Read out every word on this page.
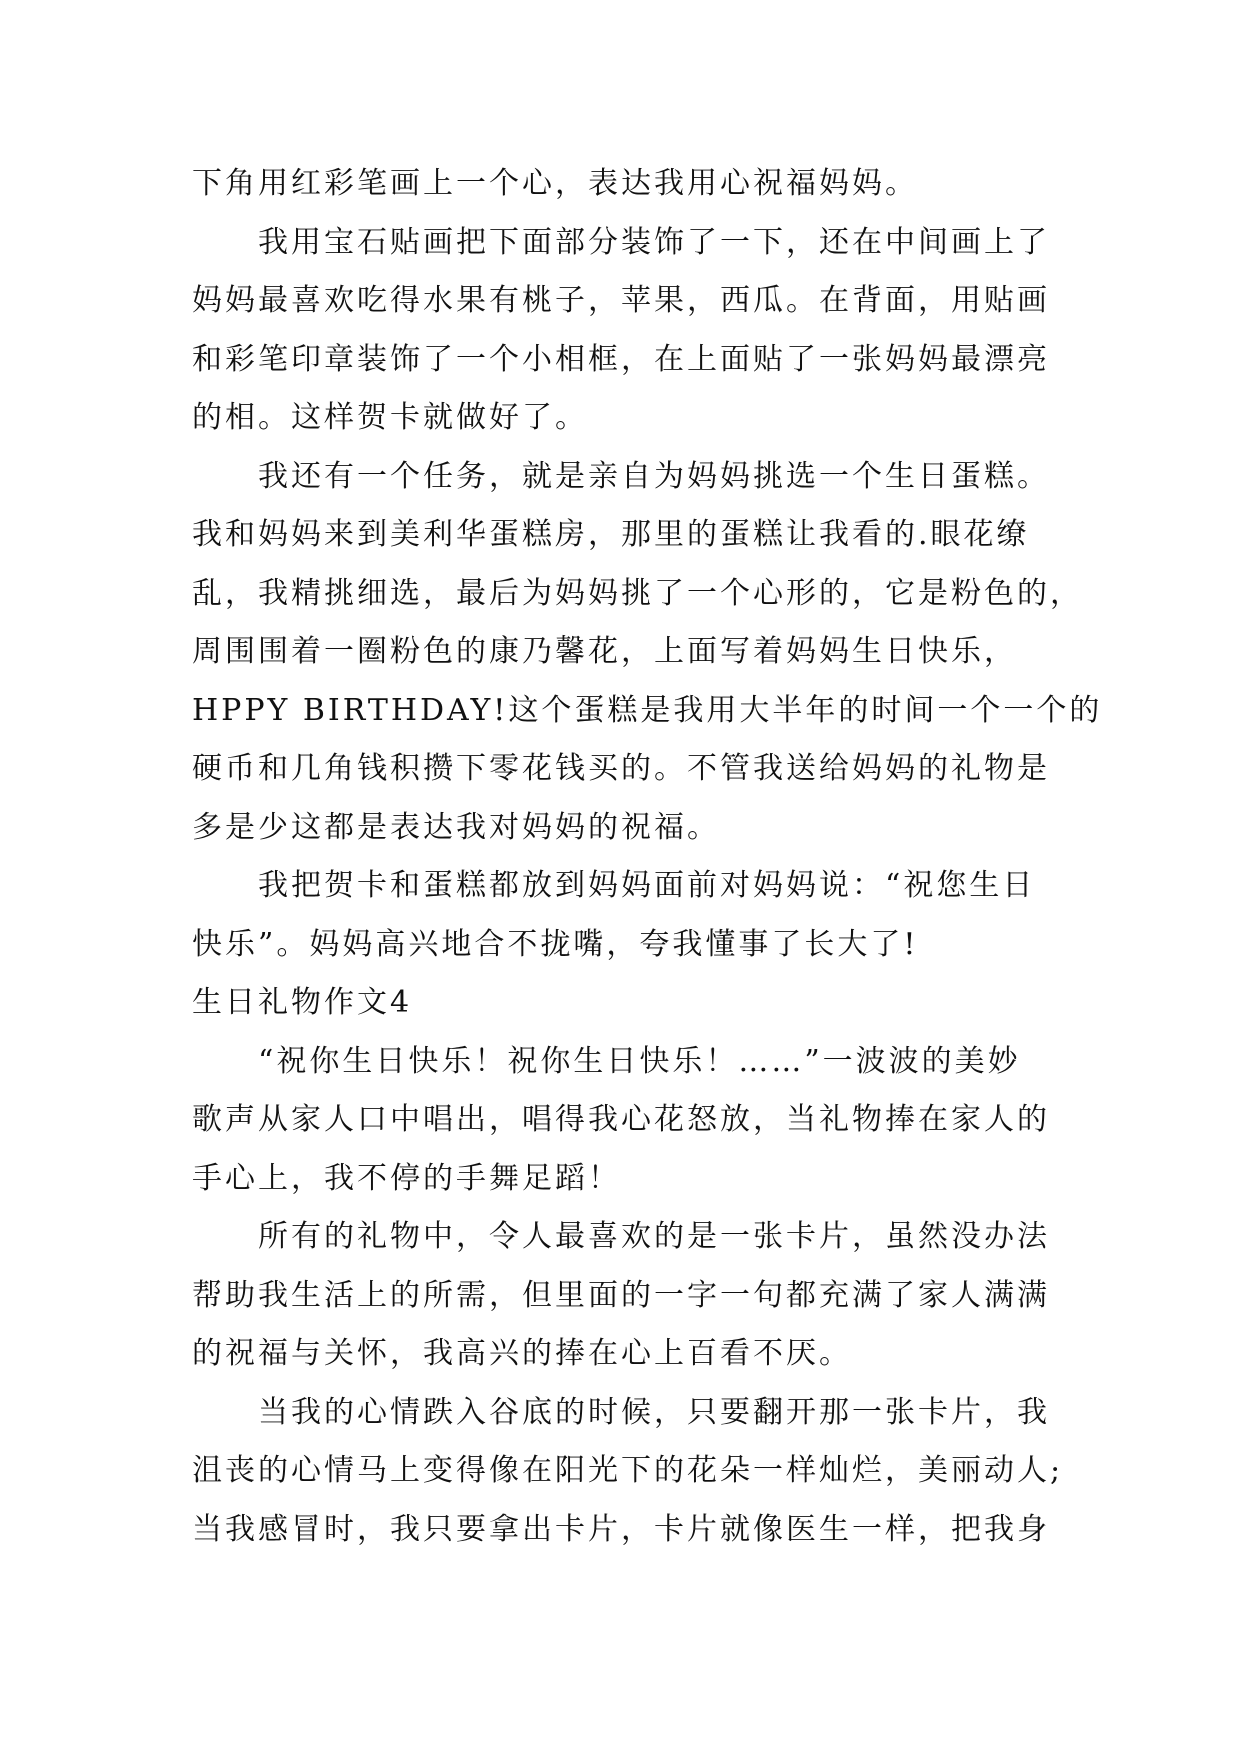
下角用红彩笔画上一个心，表达我用心祝福妈妈。
我用宝石贴画把下面部分装饰了一下，还在中间画上了
妈妈最喜欢吃得水果有桃子，苹果，西瓜。在背面，用贴画
和彩笔印章装饰了一个小相框，在上面贴了一张妈妈最漂亮
的相。这样贺卡就做好了。
我还有一个任务，就是亲自为妈妈挑选一个生日蛋糕。
我和妈妈来到美利华蛋糕房，那里的蛋糕让我看的.眼花缭
乱，我精挑细选，最后为妈妈挑了一个心形的，它是粉色的，
周围围着一圈粉色的康乃馨花，上面写着妈妈生日快乐，
HPPY BIRTHDAY!这个蛋糕是我用大半年的时间一个一个的
硬币和几角钱积攒下零花钱买的。不管我送给妈妈的礼物是
多是少这都是表达我对妈妈的祝福。
我把贺卡和蛋糕都放到妈妈面前对妈妈说：“祝您生日
快乐”。妈妈高兴地合不拢嘴，夸我懂事了长大了!
生日礼物作文4
“祝你生日快乐！祝你生日快乐！……”一波波的美妙
歌声从家人口中唱出，唱得我心花怒放，当礼物捧在家人的
手心上，我不停的手舞足蹈！
所有的礼物中，令人最喜欢的是一张卡片，虽然没办法
帮助我生活上的所需，但里面的一字一句都充满了家人满满
的祝福与关怀，我高兴的捧在心上百看不厌。
当我的心情跌入谷底的时候，只要翻开那一张卡片，我
沮丧的心情马上变得像在阳光下的花朵一样灿烂，美丽动人;
当我感冒时，我只要拿出卡片，卡片就像医生一样，把我身
